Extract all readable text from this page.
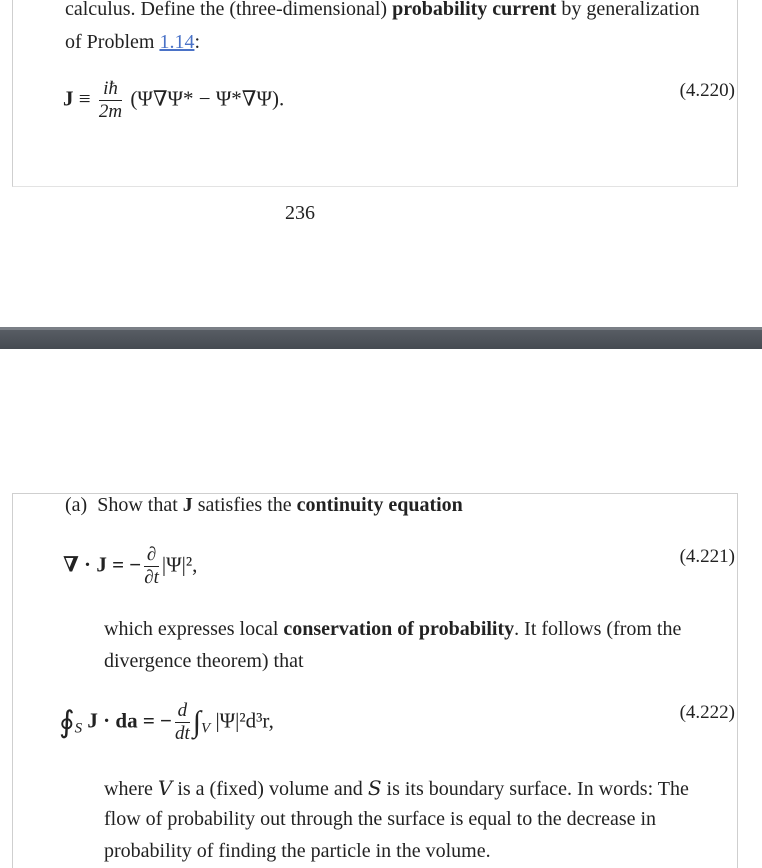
calculus. Define the (three-dimensional) probability current by generalization
of Problem 1.14:
$J \equiv \frac{iħ}{2m} (\Psi\nabla\Psi* - \Psi*\nabla\Psi)$.	(4.220)
236
(a) Show that J satisfies the continuity equation
∇ · J = − $\frac{\partial}{\partial t} |\Psi|^2$,	(4.221)
which expresses local conservation of probability. It follows (from the
divergence theorem) that
$∮_S$ J · da = − $\frac{d}{dt} \int_V$ |Ψ|²d³r,	(4.222)
where V is a (fixed) volume and S is its boundary surface. In words: The
flow of probability out through the surface is equal to the decrease in
probability of finding the particle in the volume.
